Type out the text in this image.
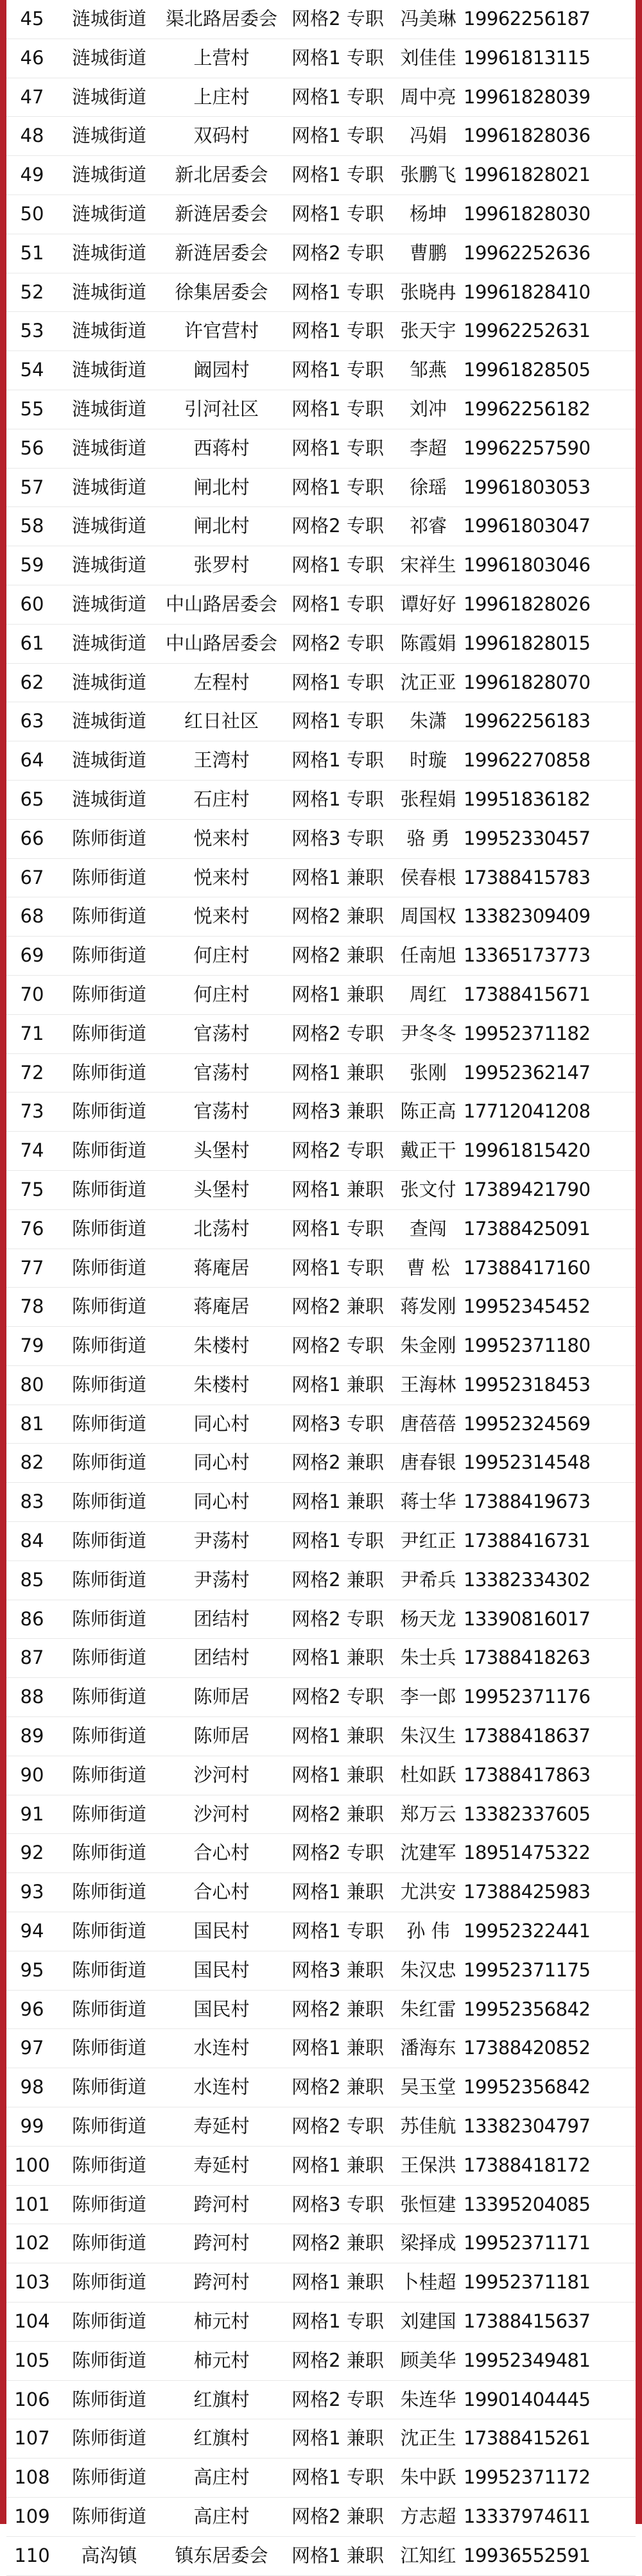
45	涟城街道	渠北路居委会	网格2 专职	冯美琳	19962256187
46	涟城街道	上营村	网格1 专职	刘佳佳	19961813115
47	涟城街道	上庄村	网格1 专职	周中亮	19961828039
48	涟城街道	双码村	网格1 专职	冯娟	19961828036
49	涟城街道	新北居委会	网格1 专职	张鹏飞	19961828021
50	涟城街道	新涟居委会	网格1 专职	杨坤	19961828030
51	涟城街道	新涟居委会	网格2 专职	曹鹏	19962252636
52	涟城街道	徐集居委会	网格1 专职	张晓冉	19961828410
53	涟城街道	许官营村	网格1 专职	张天宇	19962252631
54	涟城街道	阚园村	网格1 专职	邹燕	19961828505
55	涟城街道	引河社区	网格1 专职	刘冲	19962256182
56	涟城街道	西蒋村	网格1 专职	李超	19962257590
57	涟城街道	闸北村	网格1 专职	徐瑶	19961803053
58	涟城街道	闸北村	网格2 专职	祁睿	19961803047
59	涟城街道	张罗村	网格1 专职	宋祥生	19961803046
60	涟城街道	中山路居委会	网格1 专职	谭好好	19961828026
61	涟城街道	中山路居委会	网格2 专职	陈霞娟	19961828015
62	涟城街道	左程村	网格1 专职	沈正亚	19961828070
63	涟城街道	红日社区	网格1 专职	朱潇	19962256183
64	涟城街道	王湾村	网格1 专职	时璇	19962270858
65	涟城街道	石庄村	网格1 专职	张程娟	19951836182
66	陈师街道	悦来村	网格3 专职	骆 勇	19952330457
67	陈师街道	悦来村	网格1 兼职	侯春根	17388415783
68	陈师街道	悦来村	网格2 兼职	周国权	13382309409
69	陈师街道	何庄村	网格2 兼职	任南旭	13365173773
70	陈师街道	何庄村	网格1 兼职	周红	17388415671
71	陈师街道	官荡村	网格2 专职	尹冬冬	19952371182
72	陈师街道	官荡村	网格1 兼职	张刚	19952362147
73	陈师街道	官荡村	网格3 兼职	陈正高	17712041208
74	陈师街道	头堡村	网格2 专职	戴正干	19961815420
75	陈师街道	头堡村	网格1 兼职	张文付	17389421790
76	陈师街道	北荡村	网格1 专职	查闯	17388425091
77	陈师街道	蒋庵居	网格1 专职	曹 松	17388417160
78	陈师街道	蒋庵居	网格2 兼职	蒋发刚	19952345452
79	陈师街道	朱楼村	网格2 专职	朱金刚	19952371180
80	陈师街道	朱楼村	网格1 兼职	王海林	19952318453
81	陈师街道	同心村	网格3 专职	唐蓓蓓	19952324569
82	陈师街道	同心村	网格2 兼职	唐春银	19952314548
83	陈师街道	同心村	网格1 兼职	蒋士华	17388419673
84	陈师街道	尹荡村	网格1 专职	尹红正	17388416731
85	陈师街道	尹荡村	网格2 兼职	尹希兵	13382334302
86	陈师街道	团结村	网格2 专职	杨天龙	13390816017
87	陈师街道	团结村	网格1 兼职	朱士兵	17388418263
88	陈师街道	陈师居	网格2 专职	李一郎	19952371176
89	陈师街道	陈师居	网格1 兼职	朱汉生	17388418637
90	陈师街道	沙河村	网格1 兼职	杜如跃	17388417863
91	陈师街道	沙河村	网格2 兼职	郑万云	13382337605
92	陈师街道	合心村	网格2 专职	沈建军	18951475322
93	陈师街道	合心村	网格1 兼职	尤洪安	17388425983
94	陈师街道	国民村	网格1 专职	孙 伟	19952322441
95	陈师街道	国民村	网格3 兼职	朱汉忠	19952371175
96	陈师街道	国民村	网格2 兼职	朱红雷	19952356842
97	陈师街道	水连村	网格1 兼职	潘海东	17388420852
98	陈师街道	水连村	网格2 兼职	吴玉堂	19952356842
99	陈师街道	寿延村	网格2 专职	苏佳航	13382304797
100	陈师街道	寿延村	网格1 兼职	王保洪	17388418172
101	陈师街道	跨河村	网格3 专职	张恒建	13395204085
102	陈师街道	跨河村	网格2 兼职	梁择成	19952371171
103	陈师街道	跨河村	网格1 兼职	卜桂超	19952371181
104	陈师街道	柿元村	网格1 专职	刘建国	17388415637
105	陈师街道	柿元村	网格2 兼职	顾美华	19952349481
106	陈师街道	红旗村	网格2 专职	朱连华	19901404445
107	陈师街道	红旗村	网格1 兼职	沈正生	17388415261
108	陈师街道	高庄村	网格1 专职	朱中跃	19952371172
109	陈师街道	高庄村	网格2 兼职	方志超	13337974611
110	高沟镇	镇东居委会	网格1 兼职	江知红	19936552591
